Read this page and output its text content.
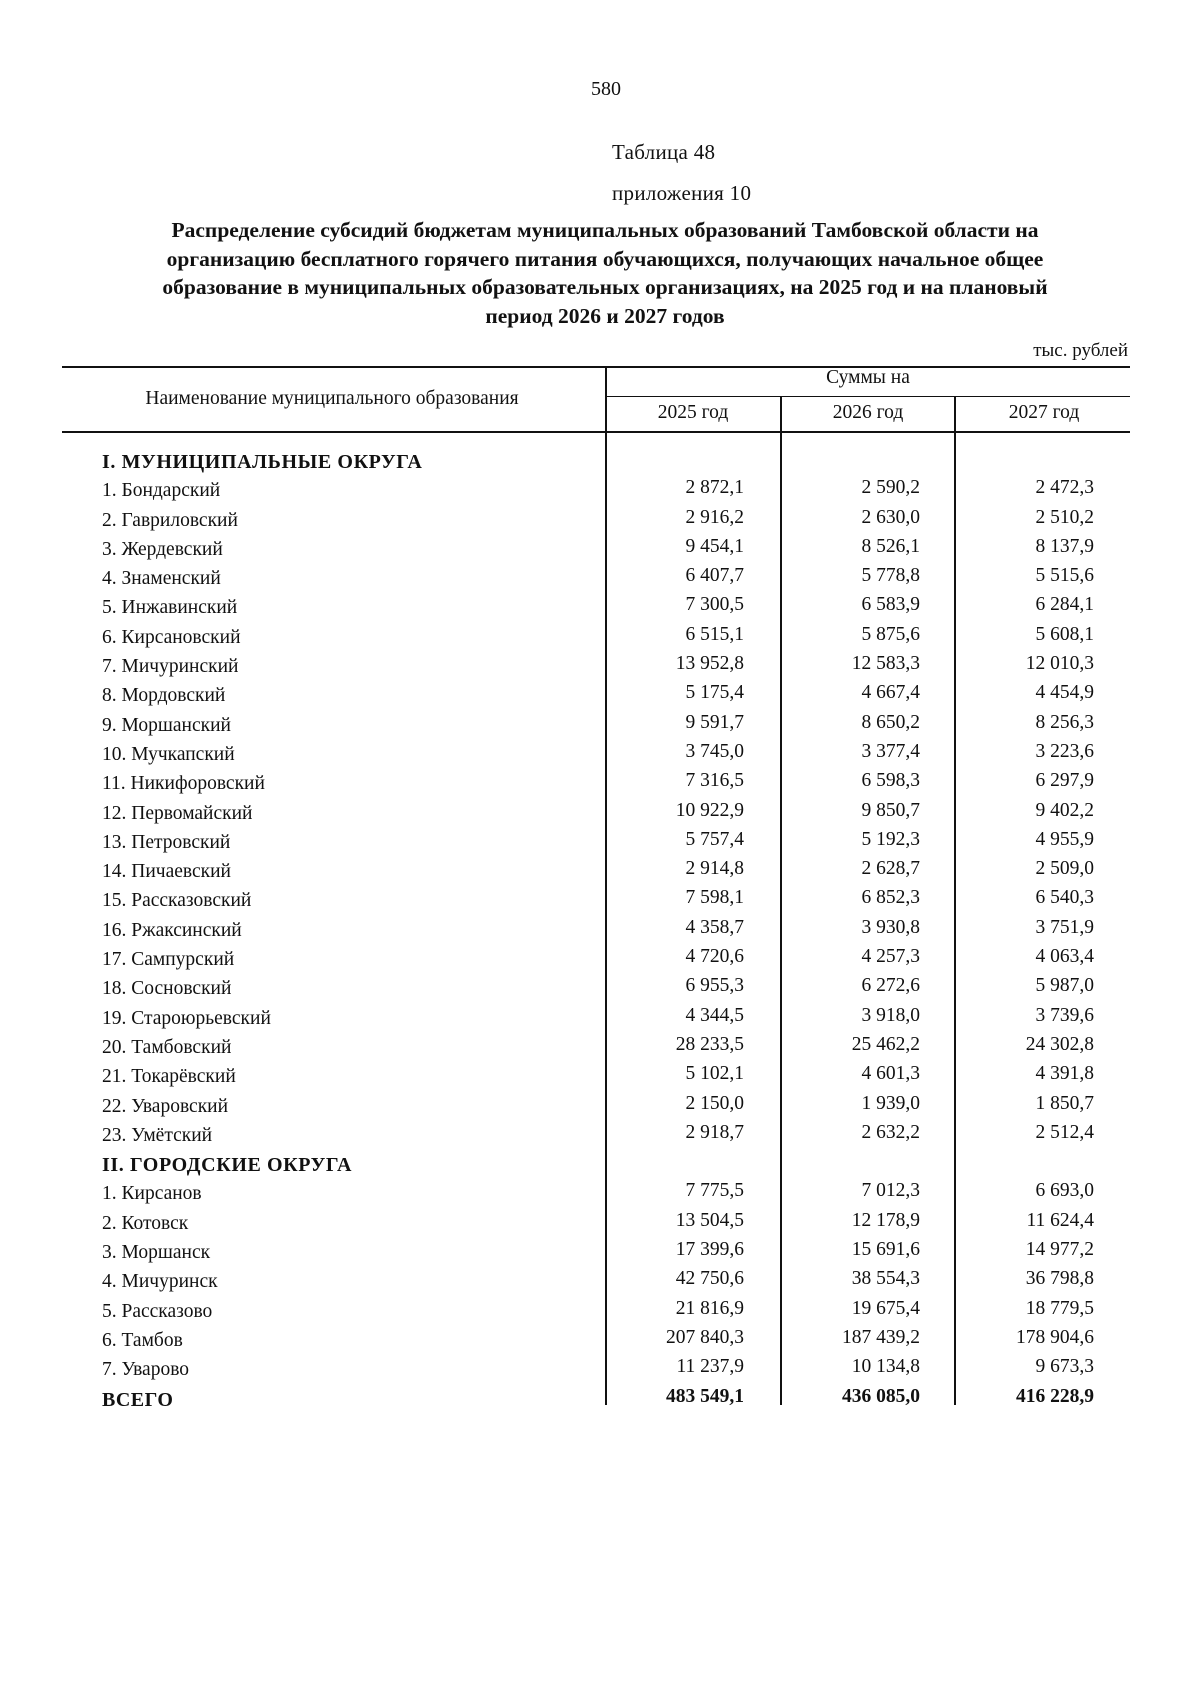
580
Таблица 48
приложения 10
Распределение субсидий бюджетам муниципальных образований Тамбовской области на
организацию бесплатного горячего питания обучающихся, получающих начальное общее
образование в муниципальных образовательных организациях, на 2025 год и на плановый
период 2026 и 2027 годов
тыс. рублей
Наименование муниципального образования
Суммы на
2025 год	2026 год	2027 год
I. МУНИЦИПАЛЬНЫЕ ОКРУГА
1. Бондарский	2 872,1	2 590,2	2 472,3
2. Гавриловский	2 916,2	2 630,0	2 510,2
3. Жердевский	9 454,1	8 526,1	8 137,9
4. Знаменский	6 407,7	5 778,8	5 515,6
5. Инжавинский	7 300,5	6 583,9	6 284,1
6. Кирсановский	6 515,1	5 875,6	5 608,1
7. Мичуринский	13 952,8	12 583,3	12 010,3
8. Мордовский	5 175,4	4 667,4	4 454,9
9. Моршанский	9 591,7	8 650,2	8 256,3
10. Мучкапский	3 745,0	3 377,4	3 223,6
11. Никифоровский	7 316,5	6 598,3	6 297,9
12. Первомайский	10 922,9	9 850,7	9 402,2
13. Петровский	5 757,4	5 192,3	4 955,9
14. Пичаевский	2 914,8	2 628,7	2 509,0
15. Рассказовский	7 598,1	6 852,3	6 540,3
16. Ржаксинский	4 358,7	3 930,8	3 751,9
17. Сампурский	4 720,6	4 257,3	4 063,4
18. Сосновский	6 955,3	6 272,6	5 987,0
19. Староюрьевский	4 344,5	3 918,0	3 739,6
20. Тамбовский	28 233,5	25 462,2	24 302,8
21. Токарёвский	5 102,1	4 601,3	4 391,8
22. Уваровский	2 150,0	1 939,0	1 850,7
23. Умётский	2 918,7	2 632,2	2 512,4
II. ГОРОДСКИЕ ОКРУГА
1. Кирсанов	7 775,5	7 012,3	6 693,0
2. Котовск	13 504,5	12 178,9	11 624,4
3. Моршанск	17 399,6	15 691,6	14 977,2
4. Мичуринск	42 750,6	38 554,3	36 798,8
5. Рассказово	21 816,9	19 675,4	18 779,5
6. Тамбов	207 840,3	187 439,2	178 904,6
7. Уварово	11 237,9	10 134,8	9 673,3
ВСЕГО	483 549,1	436 085,0	416 228,9
